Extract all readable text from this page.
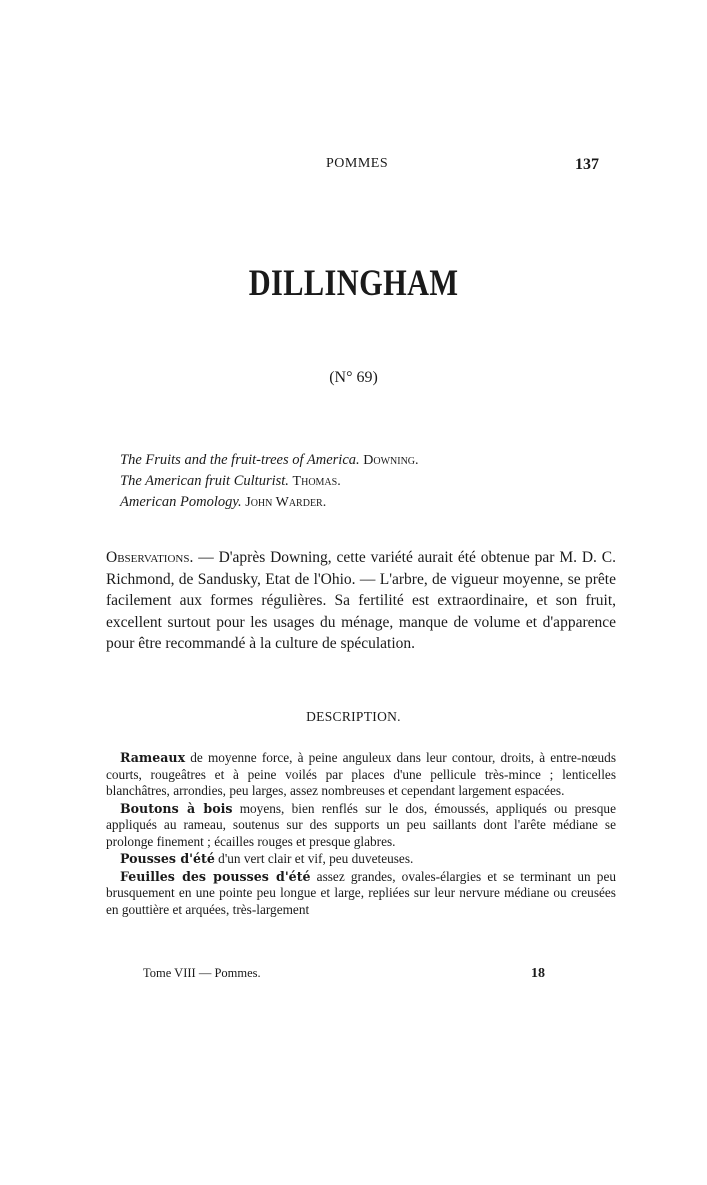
POMMES	137
DILLINGHAM
(N° 69)
The Fruits and the fruit-trees of America. Downing.
The American fruit Culturist. Thomas.
American Pomology. John Warder.
Observations. — D'après Downing, cette variété aurait été obtenue par M. D. C. Richmond, de Sandusky, Etat de l'Ohio. — L'arbre, de vigueur moyenne, se prête facilement aux formes régulières. Sa fertilité est extraordinaire, et son fruit, excellent surtout pour les usages du ménage, manque de volume et d'apparence pour être recommandé à la culture de spéculation.
DESCRIPTION.

Rameaux de moyenne force, à peine anguleux dans leur contour, droits, à entre-nœuds courts, rougeâtres et à peine voilés par places d'une pellicule très-mince ; lenticelles blanchâtres, arrondies, peu larges, assez nombreuses et cependant largement espacées.

Boutons à bois moyens, bien renflés sur le dos, émoussés, appliqués ou presque appliqués au rameau, soutenus sur des supports un peu saillants dont l'arête médiane se prolonge finement ; écailles rouges et presque glabres.

Pousses d'été d'un vert clair et vif, peu duveteuses.

Feuilles des pousses d'été assez grandes, ovales-élargies et se terminant un peu brusquement en une pointe peu longue et large, repliées sur leur nervure médiane ou creusées en gouttière et arquées, très-largement

Tome VIII — Pommes.	18
